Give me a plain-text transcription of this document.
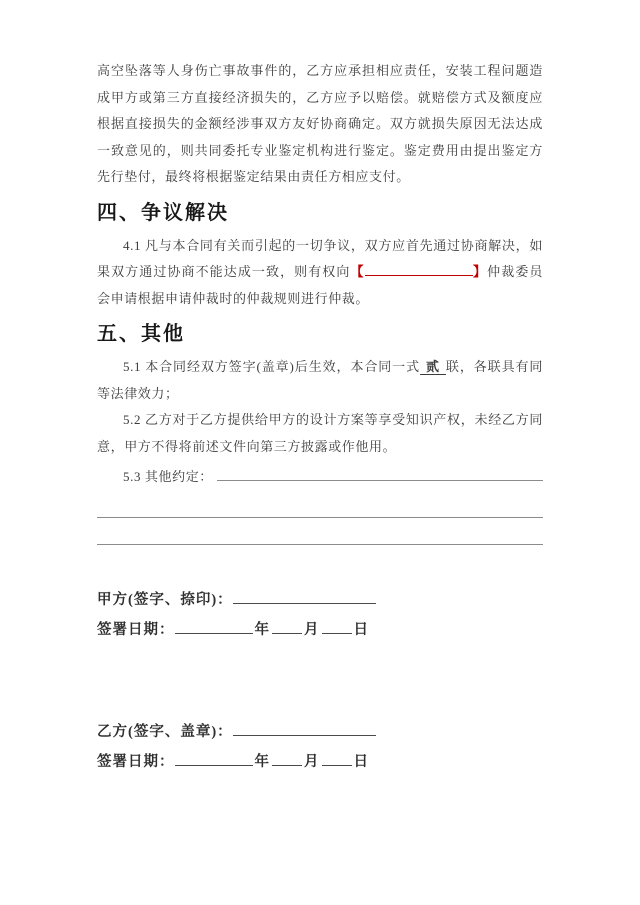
高空坠落等人身伤亡事故事件的，乙方应承担相应责任，安装工程问题造成甲方或第三方直接经济损失的，乙方应予以赔偿。就赔偿方式及额度应根据直接损失的金额经涉事双方友好协商确定。双方就损失原因无法达成一致意见的，则共同委托专业鉴定机构进行鉴定。鉴定费用由提出鉴定方先行垫付，最终将根据鉴定结果由责任方相应支付。

四、争议解决

4.1 凡与本合同有关而引起的一切争议，双方应首先通过协商解决，如果双方通过协商不能达成一致，则有权向【	】仲裁委员会申请根据申请仲裁时的仲裁规则进行仲裁。

五、其他

5.1 本合同经双方签字(盖章)后生效，本合同一式 贰 联，各联具有同等法律效力；

5.2 乙方对于乙方提供给甲方的设计方案等享受知识产权，未经乙方同意，甲方不得将前述文件向第三方披露或作他用。

5.3 其他约定：
甲方(签字、捺印)：
签署日期：	年 月 日
乙方(签字、盖章)：
签署日期：	年 月 日
